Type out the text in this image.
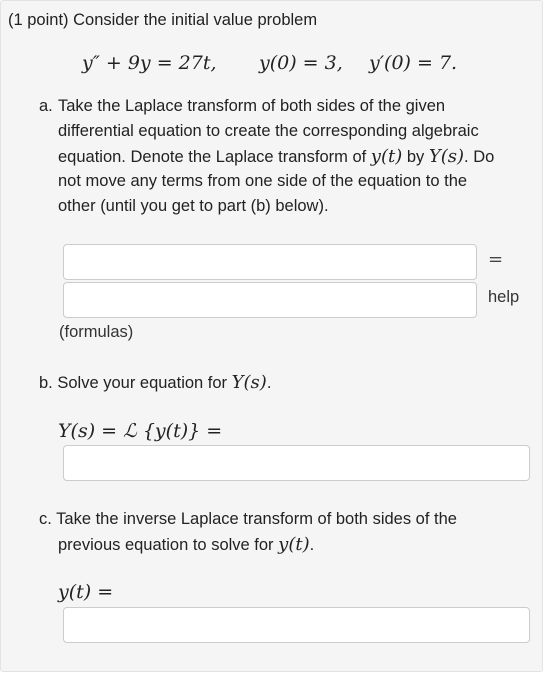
(1 point) Consider the initial value problem
y″ + 9y = 27t, y(0) = 3, y′(0) = 7.
a. Take the Laplace transform of both sides of the given
differential equation to create the corresponding algebraic
equation. Denote the Laplace transform of y(t) by Y(s). Do
not move any terms from one side of the equation to the
other (until you get to part (b) below).
=
help
(formulas)
b. Solve your equation for Y(s).
Y(s) = ℒ {y(t)} =
c. Take the inverse Laplace transform of both sides of the
previous equation to solve for y(t).
y(t) =
